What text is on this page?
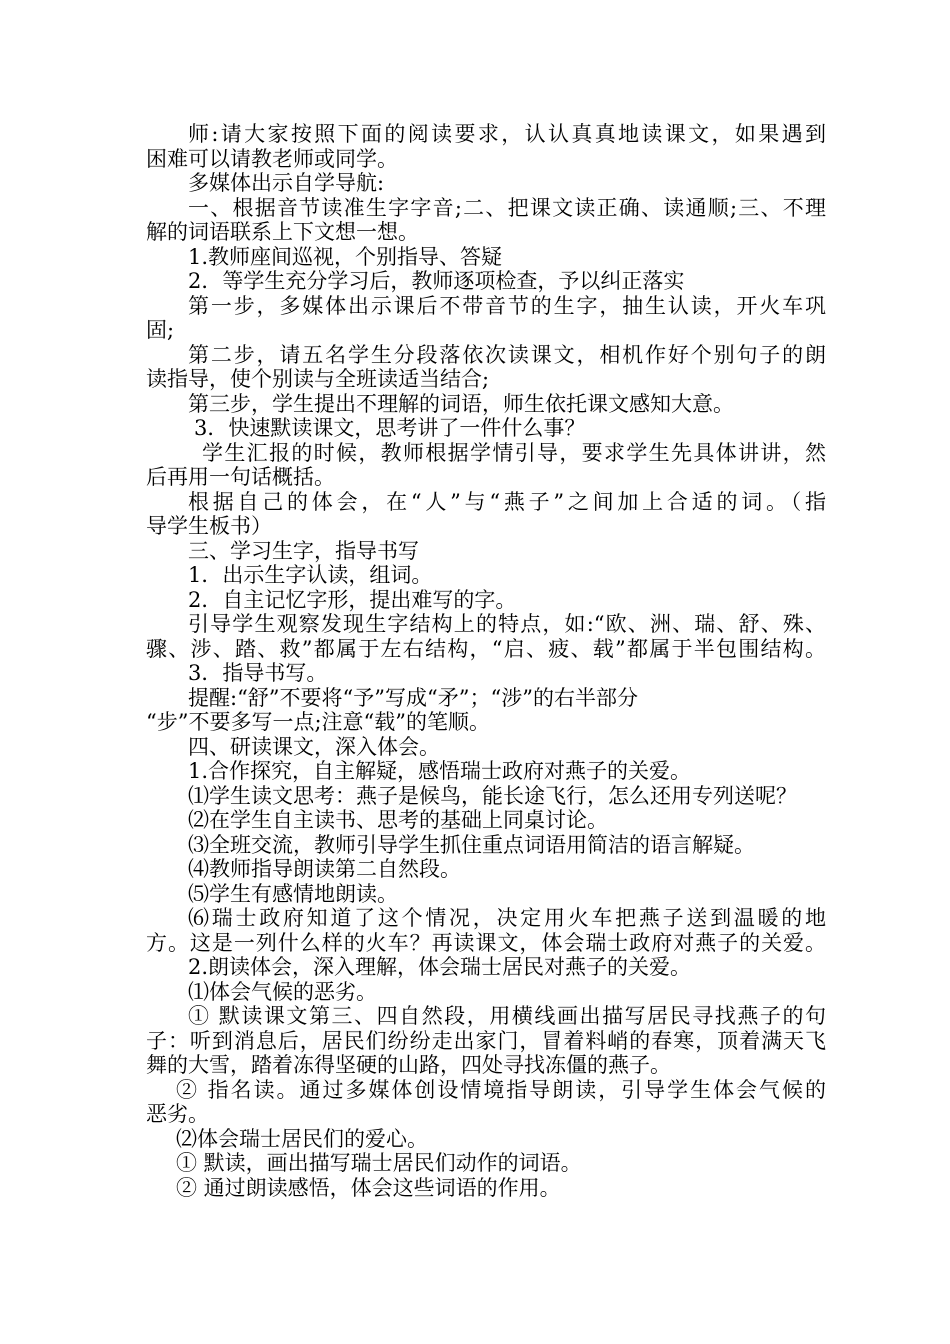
师:请大家按照下面的阅读要求，认认真真地读课文，如果遇到

困难可以请教老师或同学。

多媒体出示自学导航:

一、根据音节读准生字字音;二、把课文读正确、读通顺;三、不理

解的词语联系上下文想一想。

1.教师座间巡视，个别指导、答疑

2．等学生充分学习后，教师逐项检查，予以纠正落实

第一步，多媒体出示课后不带音节的生字，抽生认读，开火车巩

固;

第二步，请五名学生分段落依次读课文，相机作好个别句子的朗

读指导，使个别读与全班读适当结合;

第三步，学生提出不理解的词语，师生依托课文感知大意。

3．快速默读课文，思考讲了一件什么事？

学生汇报的时候，教师根据学情引导，要求学生先具体讲讲，然

后再用一句话概括。

根据自己的体会，在“人”与“燕子”之间加上合适的词。（指

导学生板书）

三、学习生字，指导书写

1．出示生字认读，组词。

2．自主记忆字形，提出难写的字。

引导学生观察发现生字结构上的特点，如:“欧、洲、瑞、舒、殊、

骤、涉、踏、救”都属于左右结构，“启、疲、载”都属于半包围结构。

3．指导书写。

提醒:“舒”不要将“予”写成“矛”；“涉”的右半部分

“步”不要多写一点;注意“载”的笔顺。

四、研读课文，深入体会。

1.合作探究，自主解疑，感悟瑞士政府对燕子的关爱。

⑴学生读文思考：燕子是候鸟，能长途飞行，怎么还用专列送呢？

⑵在学生自主读书、思考的基础上同桌讨论。

⑶全班交流，教师引导学生抓住重点词语用简洁的语言解疑。

⑷教师指导朗读第二自然段。

⑸学生有感情地朗读。

⑹瑞士政府知道了这个情况，决定用火车把燕子送到温暖的地

方。这是一列什么样的火车？再读课文，体会瑞士政府对燕子的关爱。

2.朗读体会，深入理解，体会瑞士居民对燕子的关爱。

⑴体会气候的恶劣。

① 默读课文第三、四自然段，用横线画出描写居民寻找燕子的句

子：听到消息后，居民们纷纷走出家门，冒着料峭的春寒，顶着满天飞

舞的大雪，踏着冻得坚硬的山路，四处寻找冻僵的燕子。

② 指名读。通过多媒体创设情境指导朗读，引导学生体会气候的

恶劣。

⑵体会瑞士居民们的爱心。

① 默读，画出描写瑞士居民们动作的词语。

② 通过朗读感悟，体会这些词语的作用。
